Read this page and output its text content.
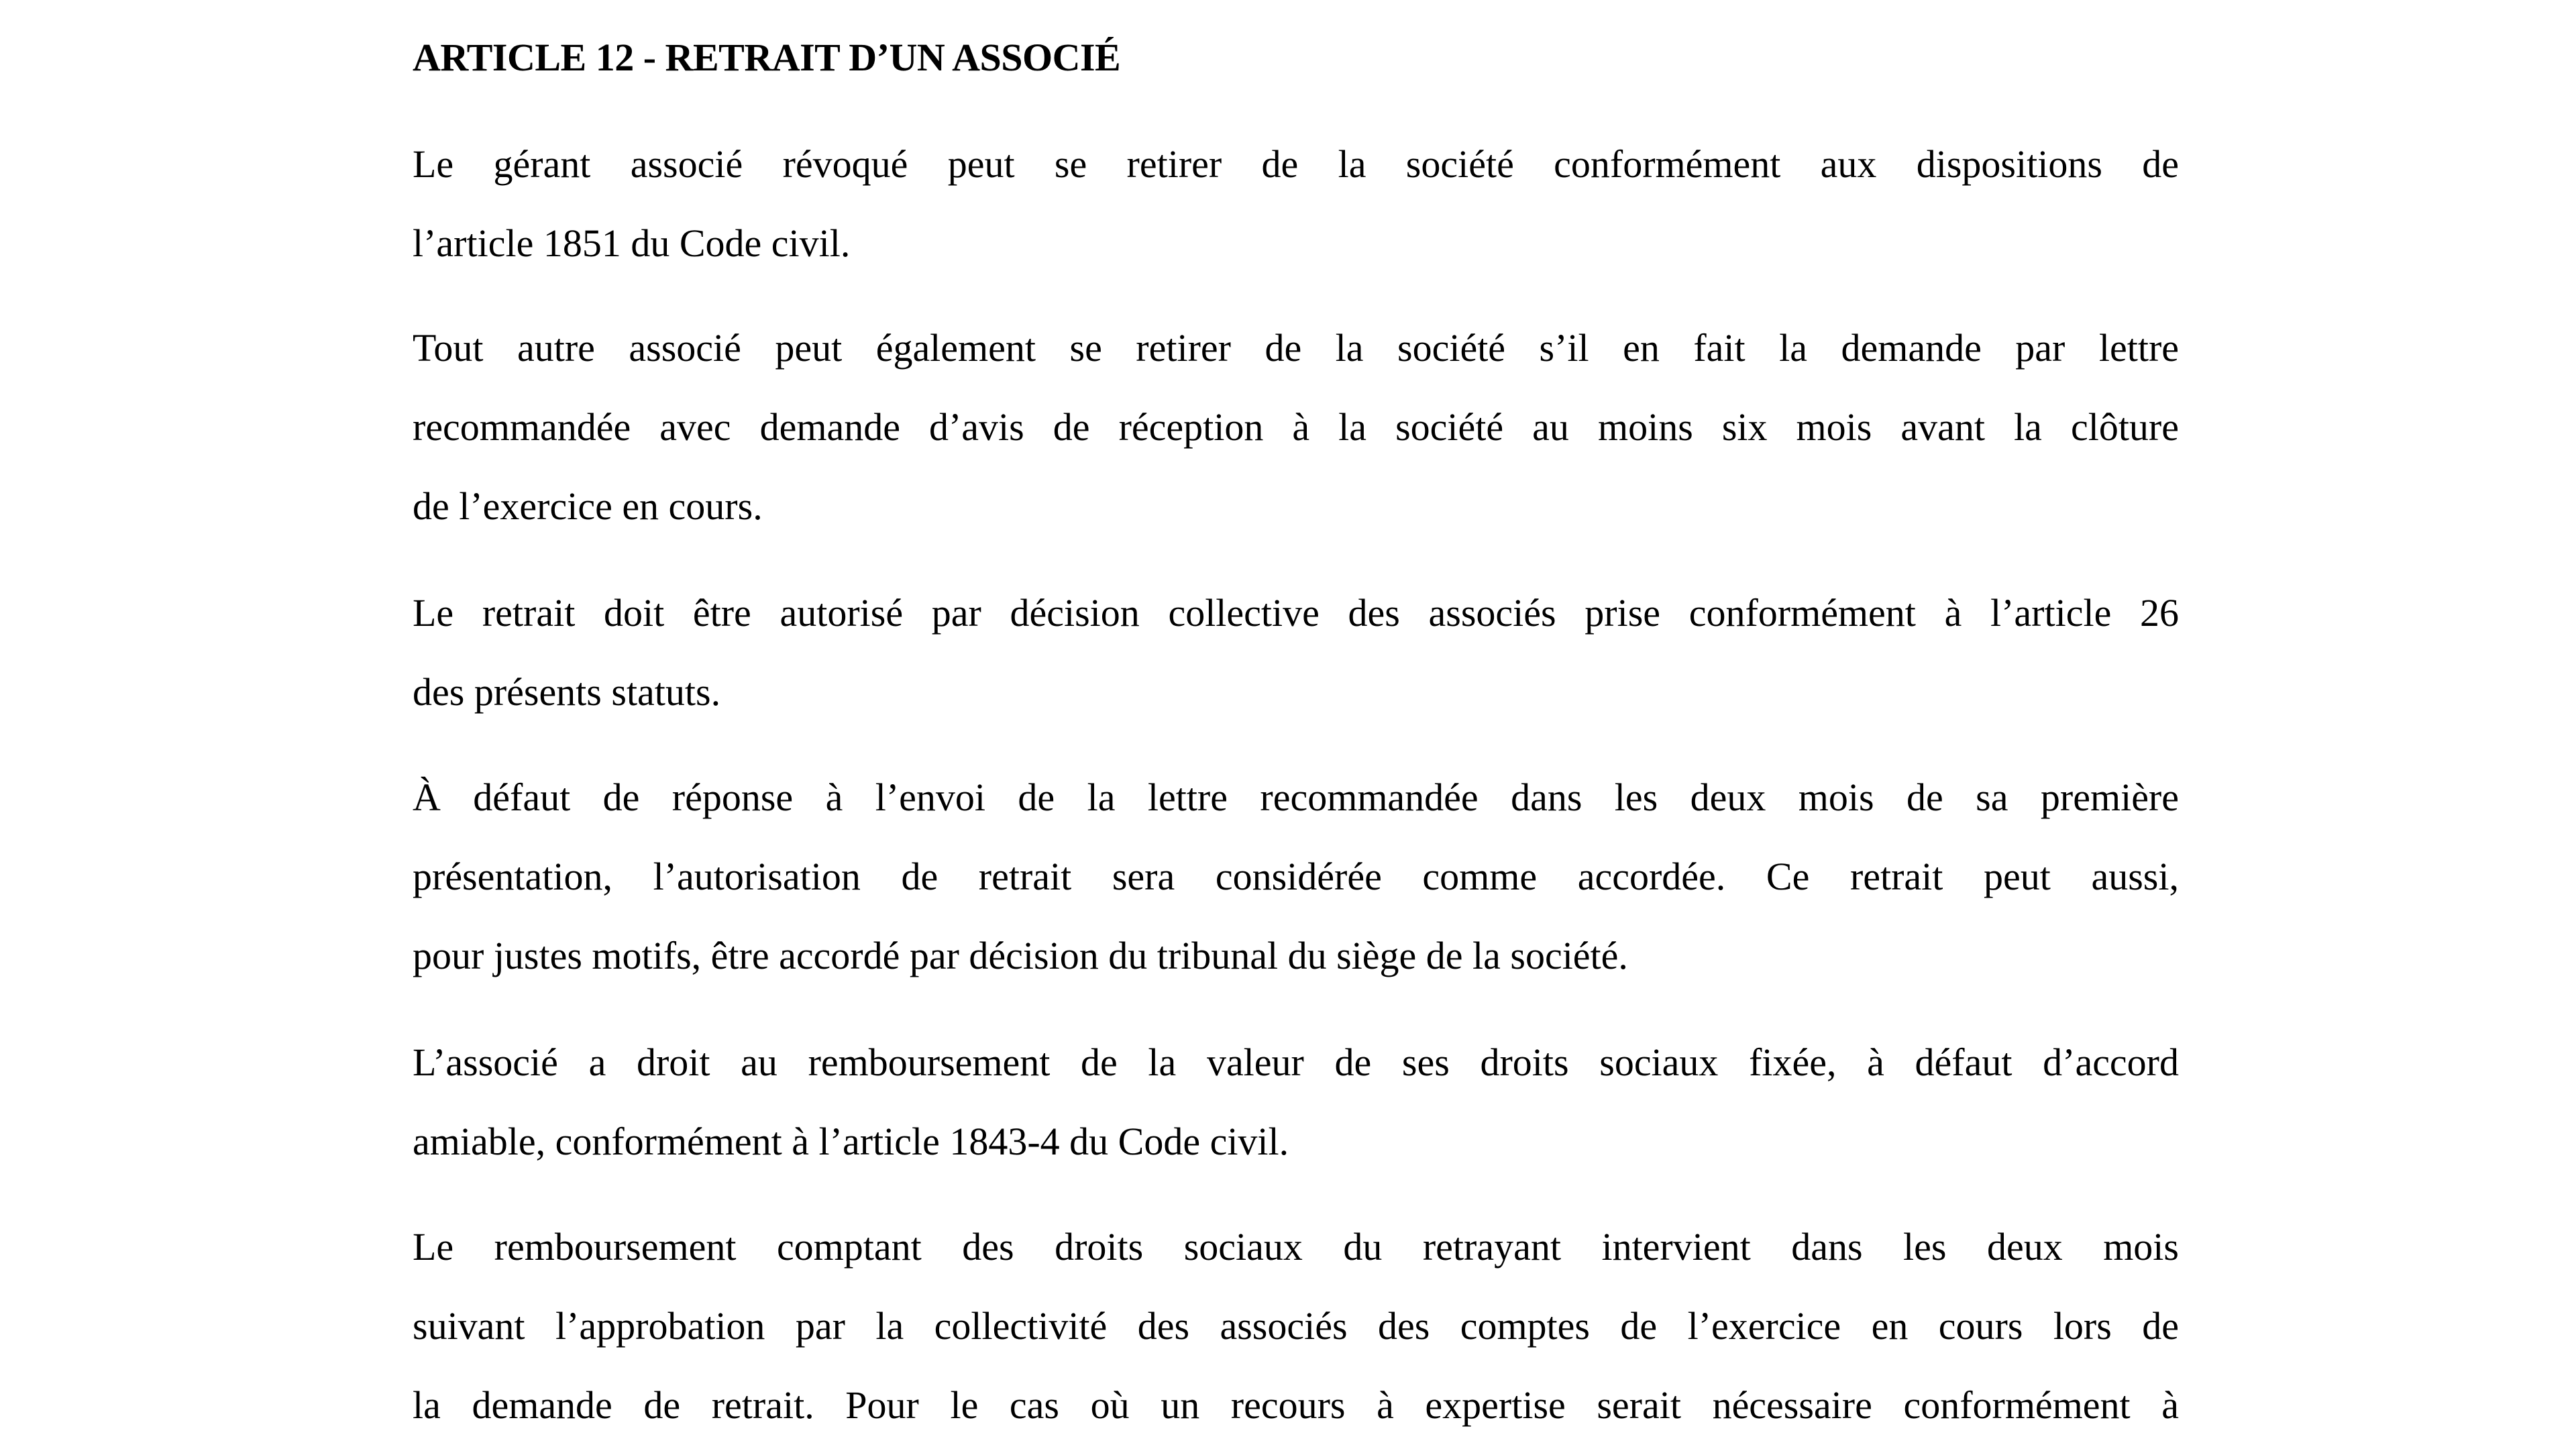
ARTICLE 12 - RETRAIT D’UN ASSOCIÉ

Le gérant associé révoqué peut se retirer de la société conformément aux dispositions de
l’article 1851 du Code civil.

Tout autre associé peut également se retirer de la société s’il en fait la demande par lettre
recommandée avec demande d’avis de réception à la société au moins six mois avant la clôture
de l’exercice en cours.

Le retrait doit être autorisé par décision collective des associés prise conformément à l’article 26
des présents statuts.

À défaut de réponse à l’envoi de la lettre recommandée dans les deux mois de sa première
présentation, l’autorisation de retrait sera considérée comme accordée. Ce retrait peut aussi,
pour justes motifs, être accordé par décision du tribunal du siège de la société.

L’associé a droit au remboursement de la valeur de ses droits sociaux fixée, à défaut d’accord
amiable, conformément à l’article 1843-4 du Code civil.

Le remboursement comptant des droits sociaux du retrayant intervient dans les deux mois
suivant l’approbation par la collectivité des associés des comptes de l’exercice en cours lors de
la demande de retrait. Pour le cas où un recours à expertise serait nécessaire conformément à
